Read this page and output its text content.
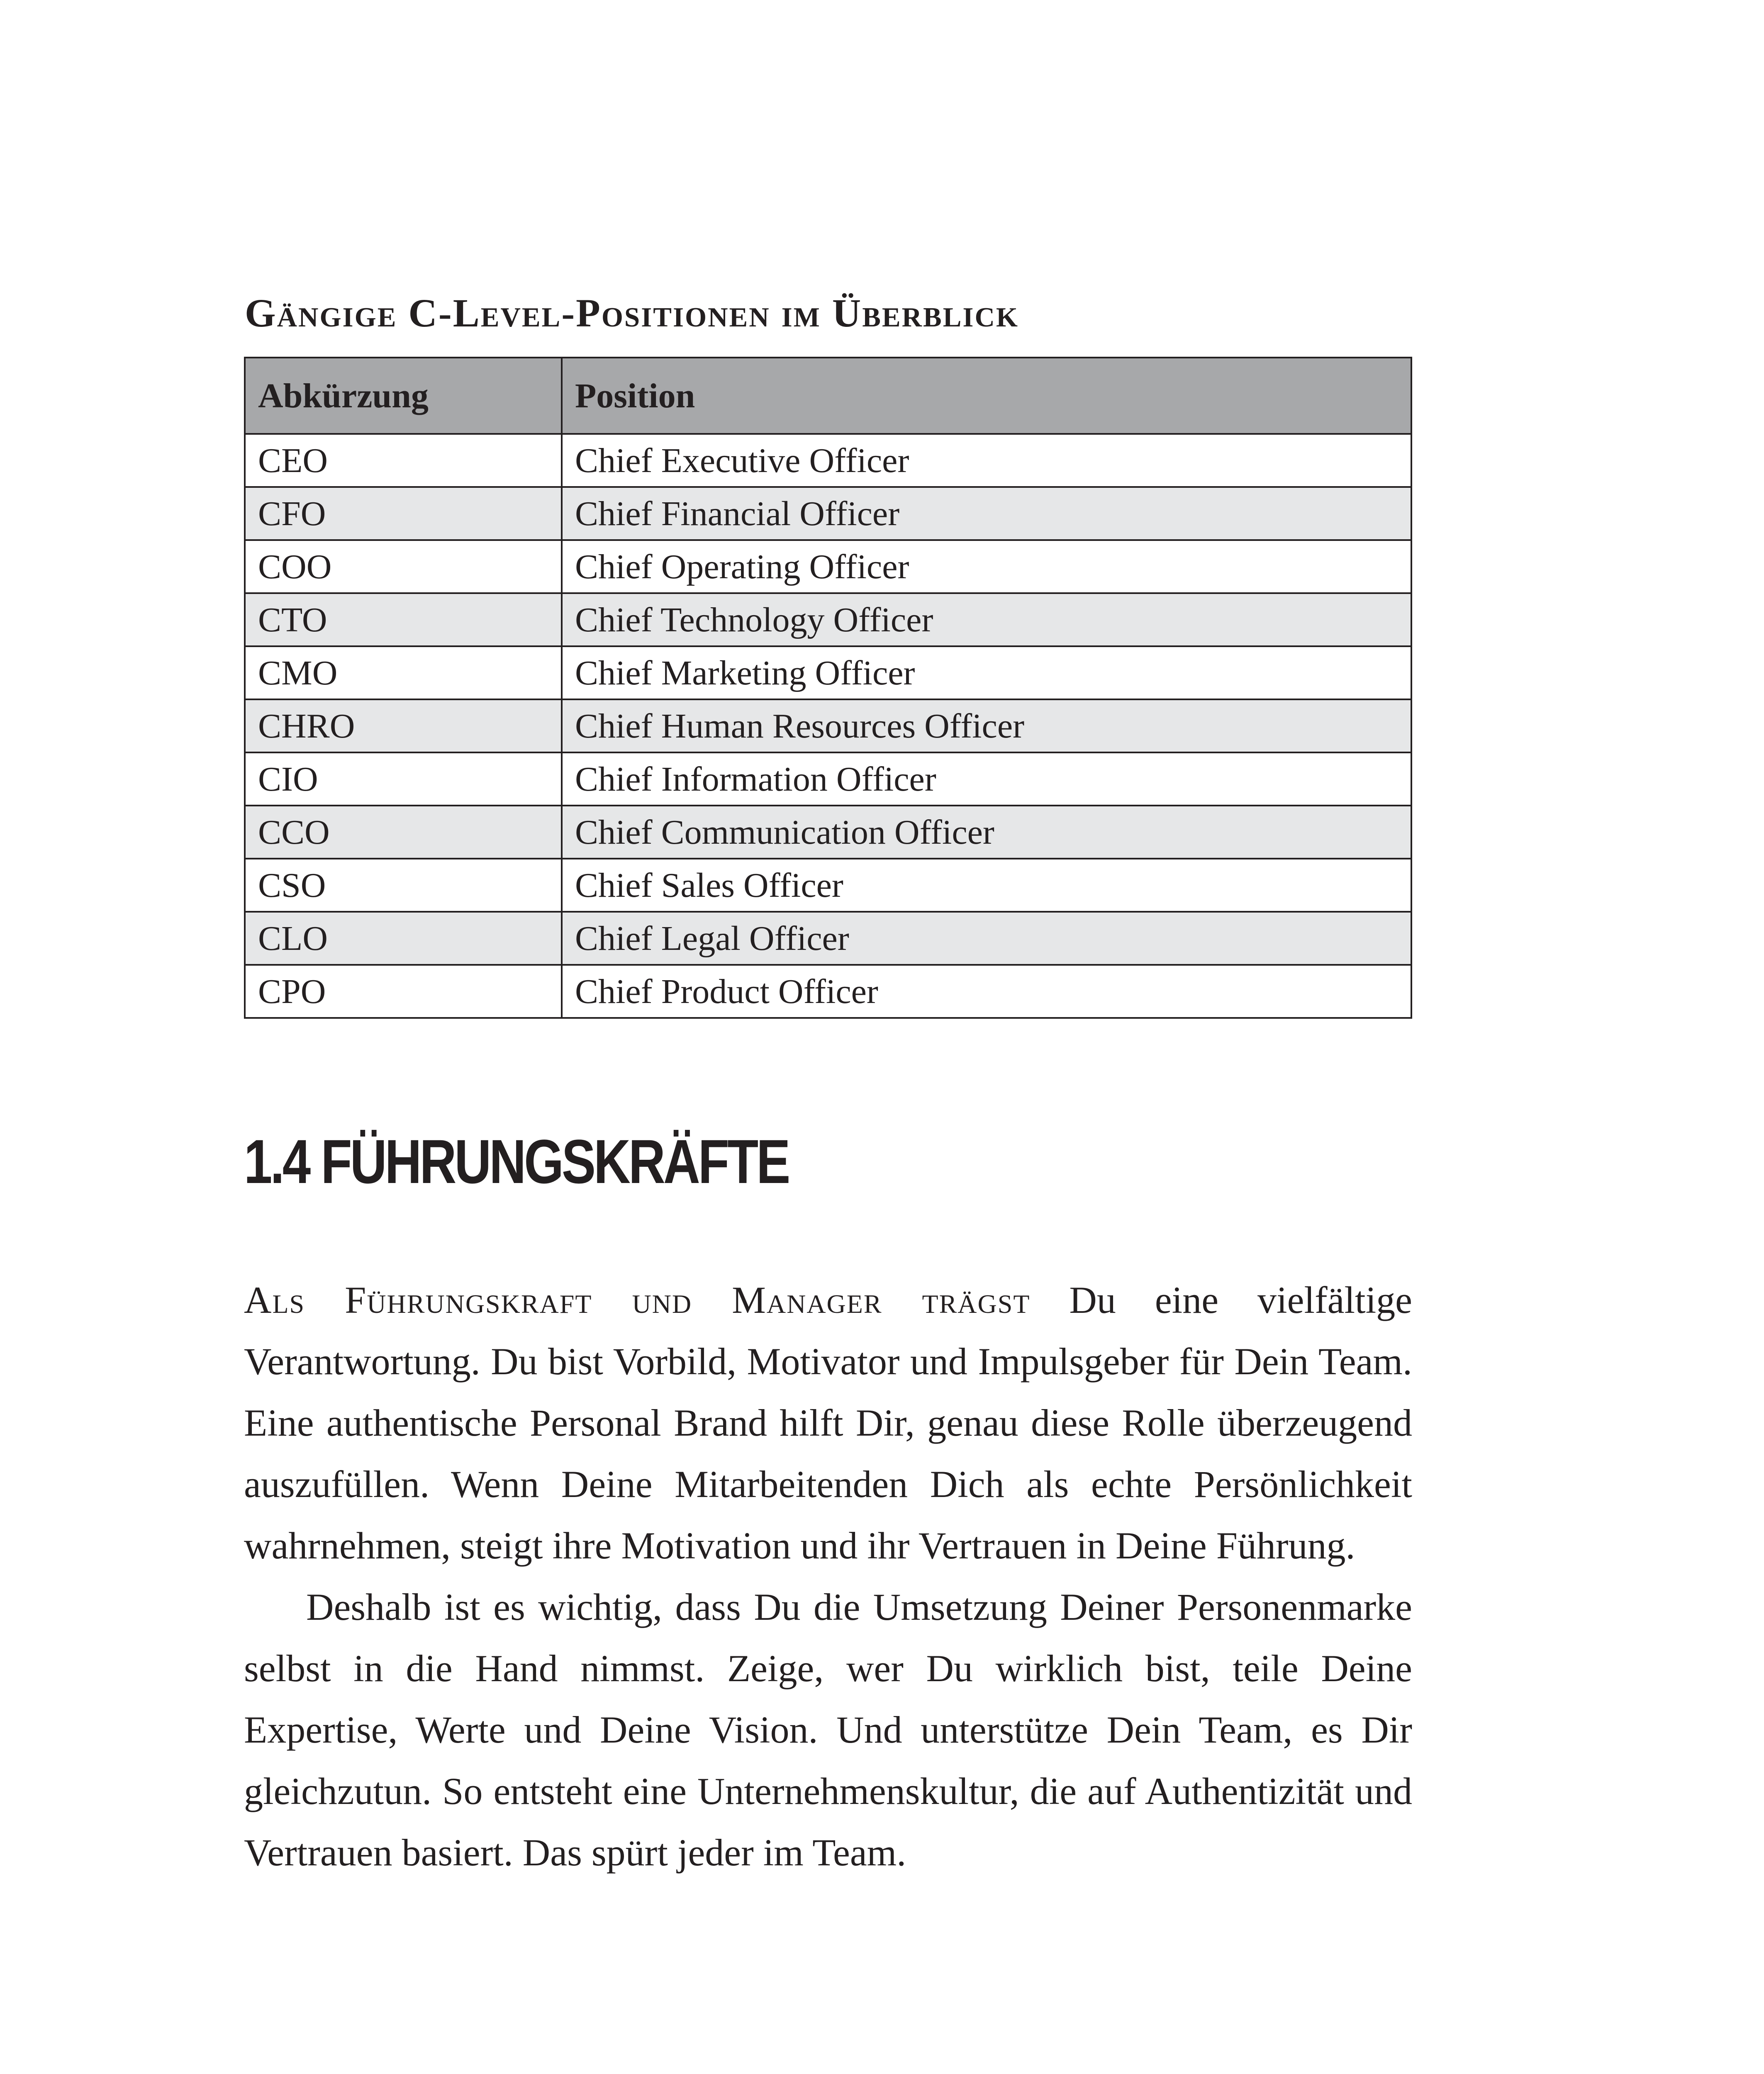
Gängige C-Level-Positionen im Überblick
Abkürzung	Position
CEO	Chief Executive Officer
CFO	Chief Financial Officer
COO	Chief Operating Officer
CTO	Chief Technology Officer
CMO	Chief Marketing Officer
CHRO	Chief Human Resources Officer
CIO	Chief Information Officer
CCO	Chief Communication Officer
CSO	Chief Sales Officer
CLO	Chief Legal Officer
CPO	Chief Product Officer
1.4 FÜHRUNGSKRÄFTE

Als Führungskraft und Manager trägst Du eine vielfältige Verantwortung. Du bist Vorbild, Motivator und Impulsgeber für Dein Team. Eine authentische Personal Brand hilft Dir, genau diese Rolle überzeugend auszufüllen. Wenn Deine Mitarbeitenden Dich als echte Persönlichkeit wahrnehmen, steigt ihre Motivation und ihr Vertrauen in Deine Führung.

Deshalb ist es wichtig, dass Du die Umsetzung Deiner Personenmarke selbst in die Hand nimmst. Zeige, wer Du wirklich bist, teile Deine Expertise, Werte und Deine Vision. Und unterstütze Dein Team, es Dir gleichzutun. So entsteht eine Unternehmenskultur, die auf Authentizität und Vertrauen basiert. Das spürt jeder im Team.
